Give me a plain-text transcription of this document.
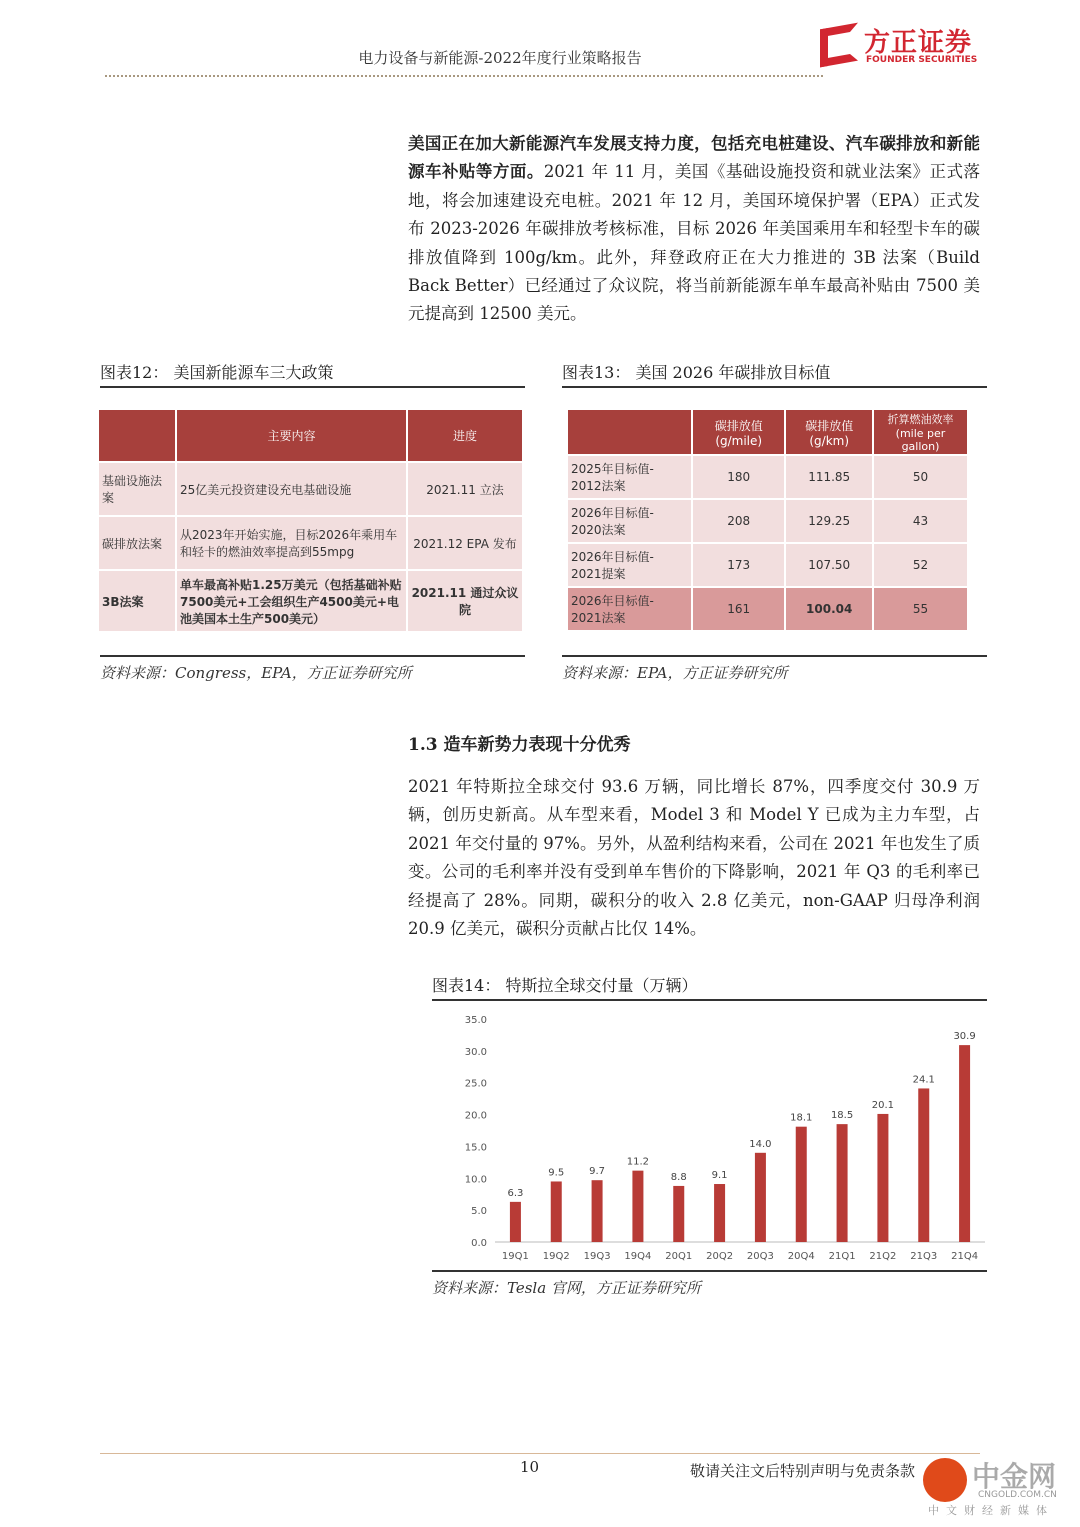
电力设备与新能源-2022年度行业策略报告	方正证券
FOUNDER SECURITIES
美国正在加大新能源汽车发展支持力度，包括充电桩建设、汽车碳排放和新能源车补贴等方面。2021 年 11 月，美国《基础设施投资和就业法案》正式落地，将会加速建设充电桩。2021 年 12 月，美国环境保护署（EPA）正式发布 2023-2026 年碳排放考核标准，目标 2026 年美国乘用车和轻型卡车的碳排放值降到 100g/km。此外，拜登政府正在大力推进的 3B 法案（Build Back Better）已经通过了众议院，将当前新能源车单车最高补贴由 7500 美元提高到 12500 美元。
图表12： 美国新能源车三大政策
	主要内容	进度
基础设施法案	25亿美元投资建设充电基础设施	2021.11 立法
碳排放法案	从2023年开始实施，目标2026年乘用车和轻卡的燃油效率提高到55mpg	2021.12 EPA 发布
3B法案	单车最高补贴1.25万美元（包括基础补贴7500美元+工会组织生产4500美元+电池美国本土生产500美元）	2021.11 通过众议院
资料来源：Congress，EPA，方正证券研究所
图表13： 美国 2026 年碳排放目标值
	碳排放值(g/mile)	碳排放值(g/km)	折算燃油效率(mile per gallon)
2025年目标值- 2012法案	180	111.85	50
2026年目标值- 2020法案	208	129.25	43
2026年目标值- 2021提案	173	107.50	52
2026年目标值- 2021法案	161	100.04	55
资料来源：EPA，方正证券研究所
1.3 造车新势力表现十分优秀
2021 年特斯拉全球交付 93.6 万辆，同比增长 87%，四季度交付 30.9 万辆，创历史新高。从车型来看，Model 3 和 Model Y 已成为主力车型，占 2021 年交付量的 97%。另外，从盈利结构来看，公司在 2021 年也发生了质变。公司的毛利率并没有受到单车售价的下降影响，2021 年 Q3 的毛利率已经提高了 28%。同期，碳积分的收入 2.8 亿美元，non-GAAP 归母净利润 20.9 亿美元，碳积分贡献占比仅 14%。
图表14： 特斯拉全球交付量（万辆）
0.0
5.0
10.0
15.0
20.0
25.0
30.0
35.0
6.3
19Q1
9.5
19Q2
9.7
19Q3
11.2
19Q4
8.8
20Q1
9.1
20Q2
14.0
20Q3
18.1
20Q4
18.5
21Q1
20.1
21Q2
24.1
21Q3
30.9
21Q4
资料来源：Tesla 官网，方正证券研究所
10	敬请关注文后特别声明与免责条款 中金网
CNGOLD.COM.CN
中文财经新媒体
